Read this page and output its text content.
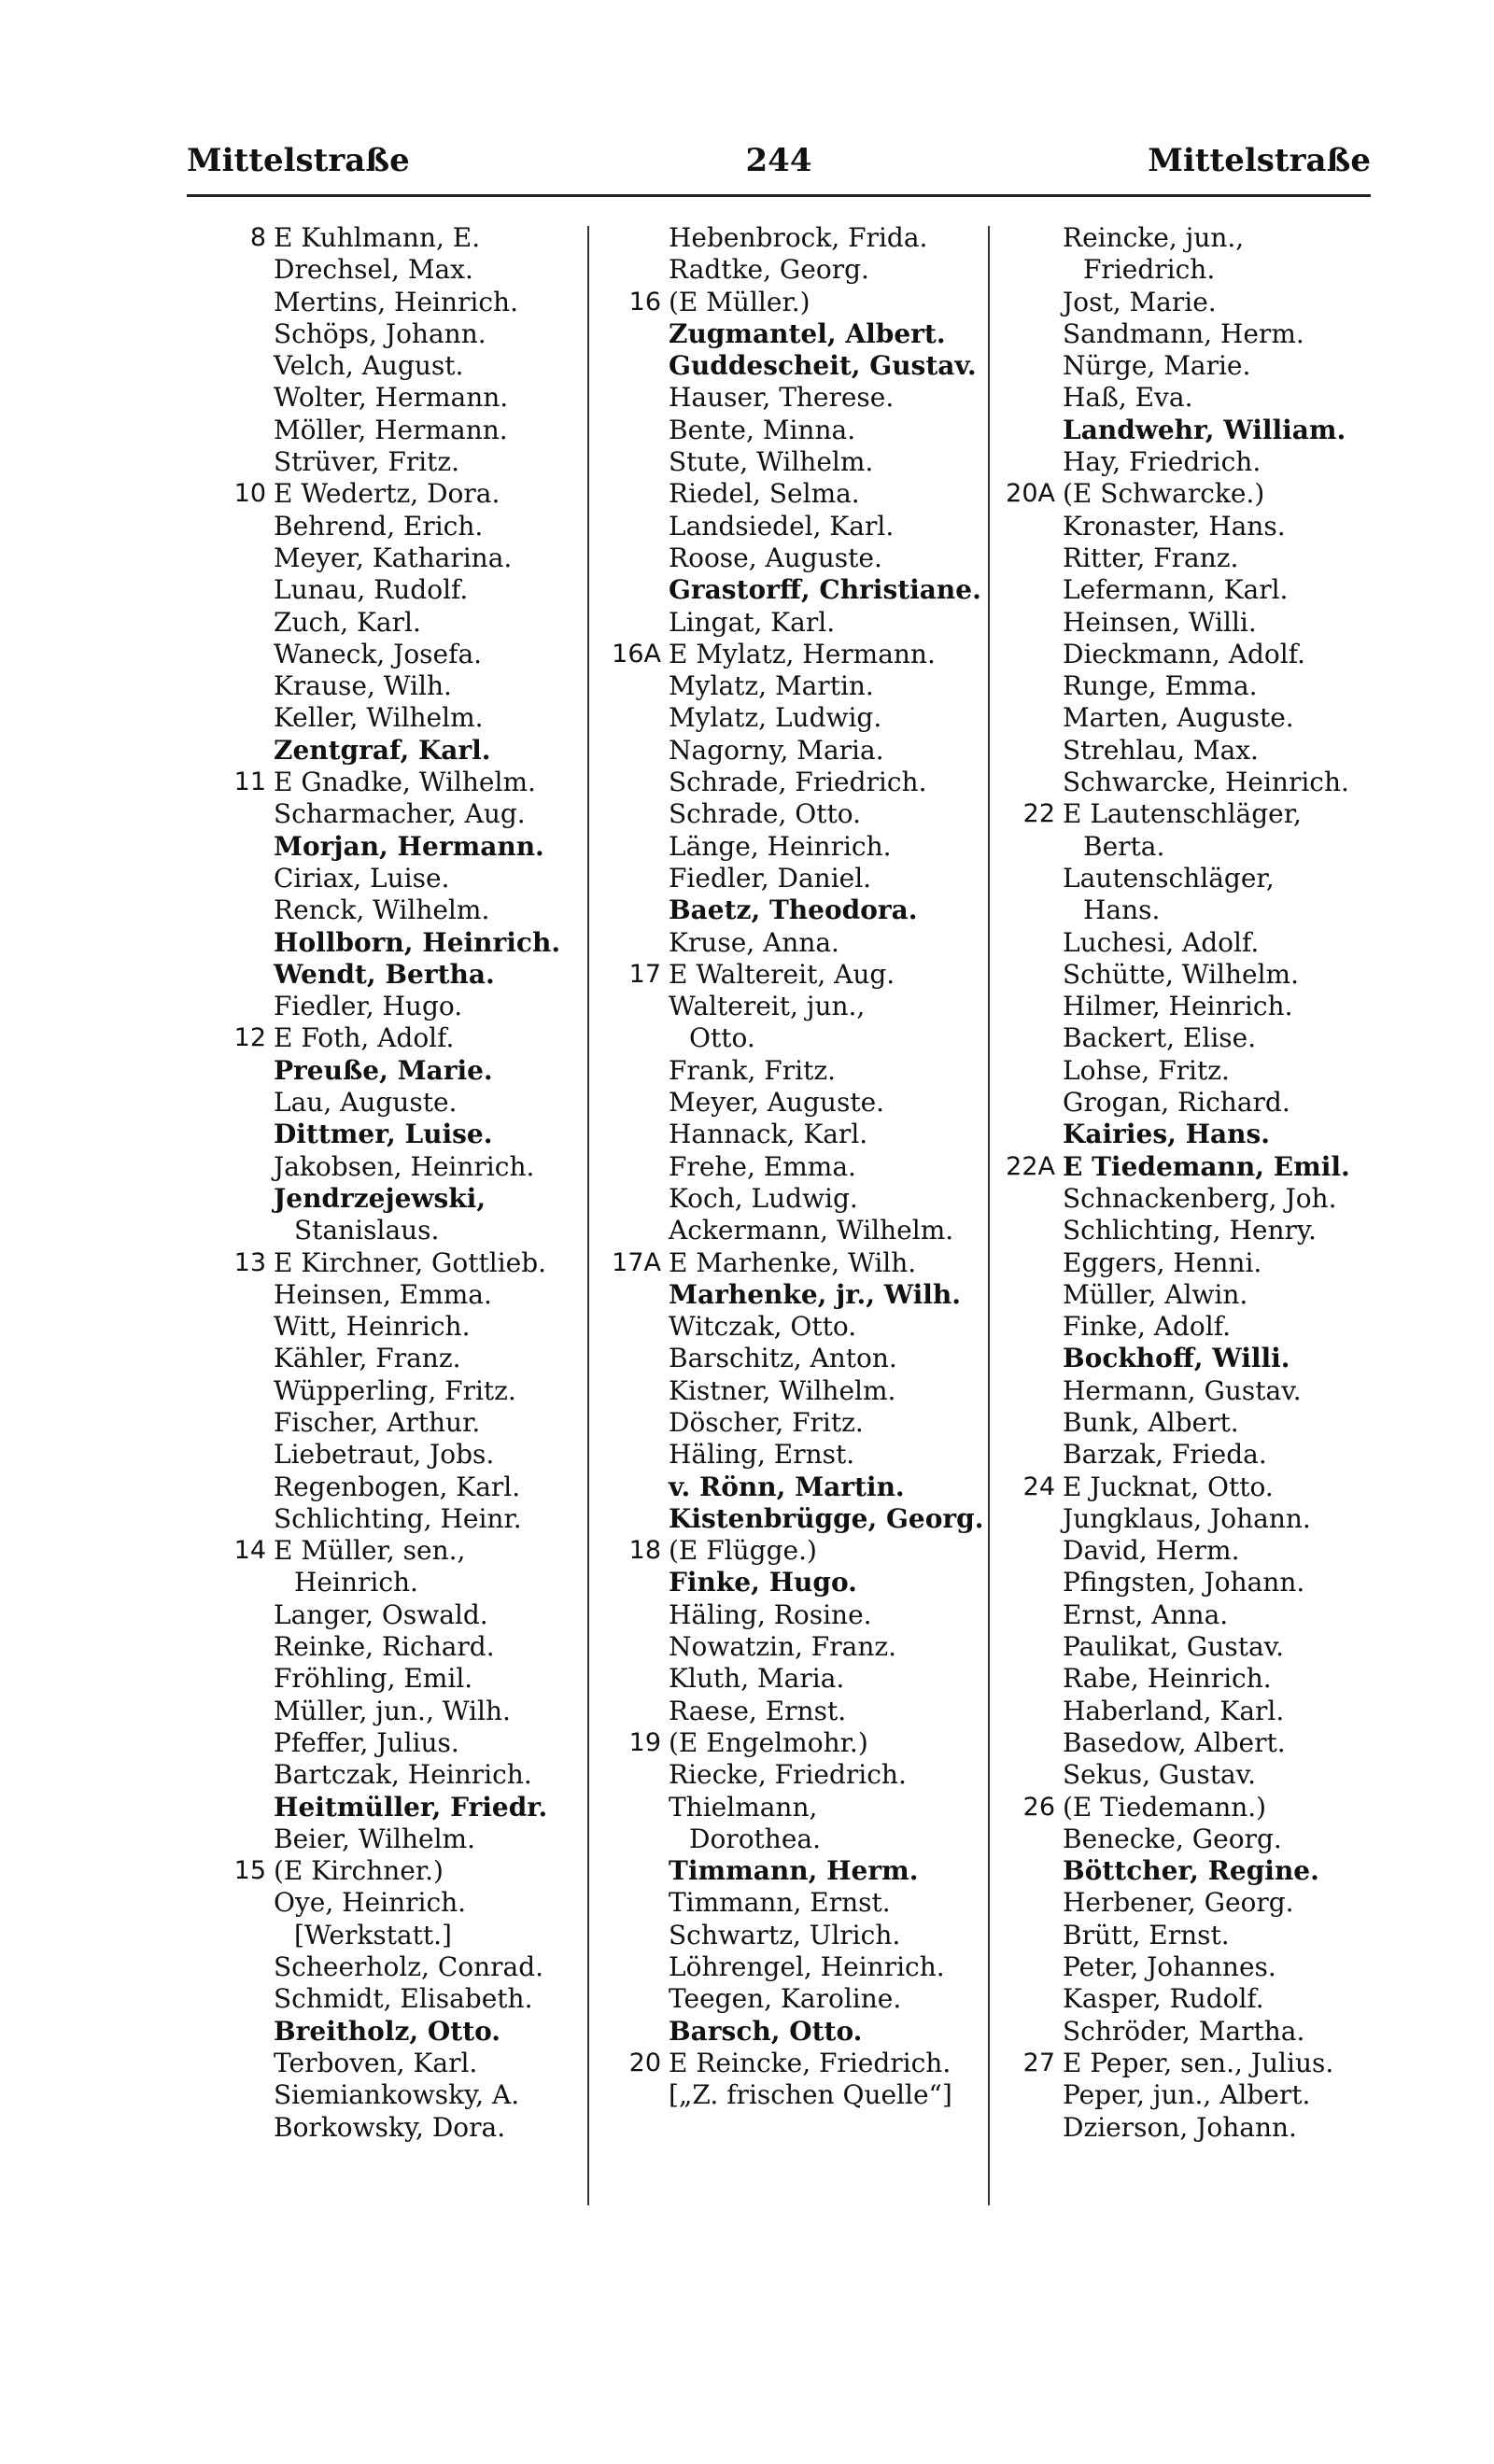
Mittelstraße	244	Mittelstraße
8 E Kuhlmann, E.
Drechsel, Max.
Mertins, Heinrich.
Schöps, Johann.
Velch, August.
Wolter, Hermann.
Möller, Hermann.
Strüver, Fritz.
10 E Wedertz, Dora.
Behrend, Erich.
Meyer, Katharina.
Lunau, Rudolf.
Zuch, Karl.
Waneck, Josefa.
Krause, Wilh.
Keller, Wilhelm.
Zentgraf, Karl.
11 E Gnadke, Wilhelm.
Scharmacher, Aug.
Morjan, Hermann.
Ciriax, Luise.
Renck, Wilhelm.
Hollborn, Heinrich.
Wendt, Bertha.
Fiedler, Hugo.
12 E Foth, Adolf.
Preuße, Marie.
Lau, Auguste.
Dittmer, Luise.
Jakobsen, Heinrich.
Jendrzejewski,
Stanislaus.
13 E Kirchner, Gottlieb.
Heinsen, Emma.
Witt, Heinrich.
Kähler, Franz.
Wüpperling, Fritz.
Fischer, Arthur.
Liebetraut, Jobs.
Regenbogen, Karl.
Schlichting, Heinr.
14 E Müller, sen.,
Heinrich.
Langer, Oswald.
Reinke, Richard.
Fröhling, Emil.
Müller, jun., Wilh.
Pfeffer, Julius.
Bartczak, Heinrich.
Heitmüller, Friedr.
Beier, Wilhelm.
15 (E Kirchner.)
Oye, Heinrich.
[Werkstatt.]
Scheerholz, Conrad.
Schmidt, Elisabeth.
Breitholz, Otto.
Terboven, Karl.
Siemiankowsky, A.
Borkowsky, Dora.
Hebenbrock, Frida.
Radtke, Georg.
16 (E Müller.)
Zugmantel, Albert.
Guddescheit, Gustav.
Hauser, Therese.
Bente, Minna.
Stute, Wilhelm.
Riedel, Selma.
Landsiedel, Karl.
Roose, Auguste.
Grastorff, Christiane.
Lingat, Karl.
16A E Mylatz, Hermann.
Mylatz, Martin.
Mylatz, Ludwig.
Nagorny, Maria.
Schrade, Friedrich.
Schrade, Otto.
Länge, Heinrich.
Fiedler, Daniel.
Baetz, Theodora.
Kruse, Anna.
17 E Waltereit, Aug.
Waltereit, jun.,
Otto.
Frank, Fritz.
Meyer, Auguste.
Hannack, Karl.
Frehe, Emma.
Koch, Ludwig.
Ackermann, Wilhelm.
17A E Marhenke, Wilh.
Marhenke, jr., Wilh.
Witczak, Otto.
Barschitz, Anton.
Kistner, Wilhelm.
Döscher, Fritz.
Häling, Ernst.
v. Rönn, Martin.
Kistenbrügge, Georg.
18 (E Flügge.)
Finke, Hugo.
Häling, Rosine.
Nowatzin, Franz.
Kluth, Maria.
Raese, Ernst.
19 (E Engelmohr.)
Riecke, Friedrich.
Thielmann,
Dorothea.
Timmann, Herm.
Timmann, Ernst.
Schwartz, Ulrich.
Löhrengel, Heinrich.
Teegen, Karoline.
Barsch, Otto.
20 E Reincke, Friedrich.
[„Z. frischen Quelle“]
Reincke, jun.,
Friedrich.
Jost, Marie.
Sandmann, Herm.
Nürge, Marie.
Haß, Eva.
Landwehr, William.
Hay, Friedrich.
20A (E Schwarcke.)
Kronaster, Hans.
Ritter, Franz.
Lefermann, Karl.
Heinsen, Willi.
Dieckmann, Adolf.
Runge, Emma.
Marten, Auguste.
Strehlau, Max.
Schwarcke, Heinrich.
22 E Lautenschläger,
Berta.
Lautenschläger,
Hans.
Luchesi, Adolf.
Schütte, Wilhelm.
Hilmer, Heinrich.
Backert, Elise.
Lohse, Fritz.
Grogan, Richard.
Kairies, Hans.
22A E Tiedemann, Emil.
Schnackenberg, Joh.
Schlichting, Henry.
Eggers, Henni.
Müller, Alwin.
Finke, Adolf.
Bockhoff, Willi.
Hermann, Gustav.
Bunk, Albert.
Barzak, Frieda.
24 E Jucknat, Otto.
Jungklaus, Johann.
David, Herm.
Pfingsten, Johann.
Ernst, Anna.
Paulikat, Gustav.
Rabe, Heinrich.
Haberland, Karl.
Basedow, Albert.
Sekus, Gustav.
26 (E Tiedemann.)
Benecke, Georg.
Böttcher, Regine.
Herbener, Georg.
Brütt, Ernst.
Peter, Johannes.
Kasper, Rudolf.
Schröder, Martha.
27 E Peper, sen., Julius.
Peper, jun., Albert.
Dzierson, Johann.
